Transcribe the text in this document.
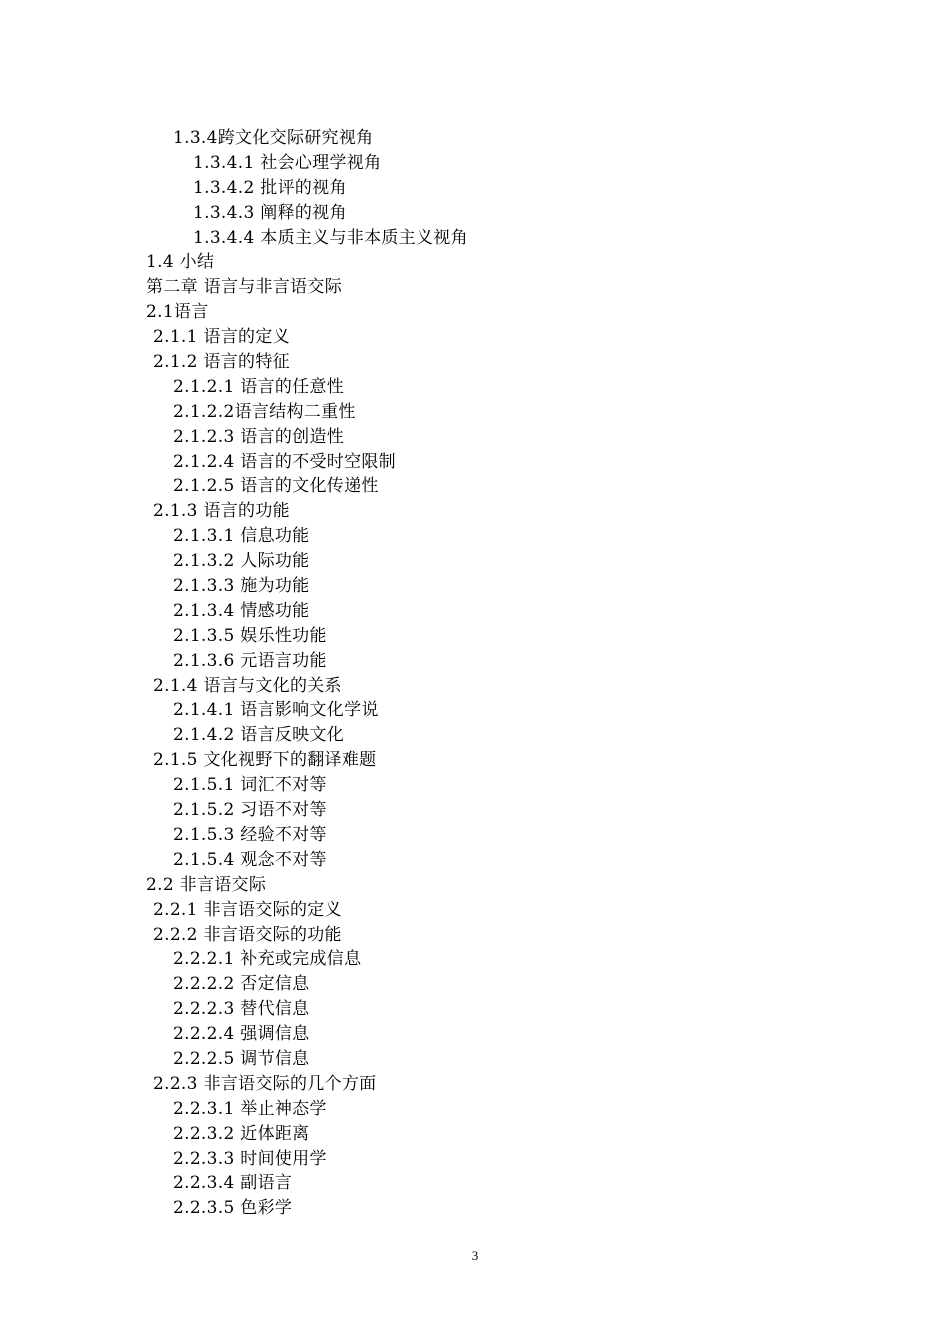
1.3.4跨文化交际研究视角
1.3.4.1 社会心理学视角
1.3.4.2 批评的视角
1.3.4.3 阐释的视角
1.3.4.4 本质主义与非本质主义视角
1.4 小结
第二章 语言与非言语交际
2.1语言
2.1.1 语言的定义
2.1.2 语言的特征
2.1.2.1 语言的任意性
2.1.2.2语言结构二重性
2.1.2.3 语言的创造性
2.1.2.4 语言的不受时空限制
2.1.2.5 语言的文化传递性
2.1.3 语言的功能
2.1.3.1 信息功能
2.1.3.2 人际功能
2.1.3.3 施为功能
2.1.3.4 情感功能
2.1.3.5 娱乐性功能
2.1.3.6 元语言功能
2.1.4 语言与文化的关系
2.1.4.1 语言影响文化学说
2.1.4.2 语言反映文化
2.1.5 文化视野下的翻译难题
2.1.5.1 词汇不对等
2.1.5.2 习语不对等
2.1.5.3 经验不对等
2.1.5.4 观念不对等
2.2 非言语交际
2.2.1 非言语交际的定义
2.2.2 非言语交际的功能
2.2.2.1 补充或完成信息
2.2.2.2 否定信息
2.2.2.3 替代信息
2.2.2.4 强调信息
2.2.2.5 调节信息
2.2.3 非言语交际的几个方面
2.2.3.1 举止神态学
2.2.3.2 近体距离
2.2.3.3 时间使用学
2.2.3.4 副语言
2.2.3.5 色彩学
3
